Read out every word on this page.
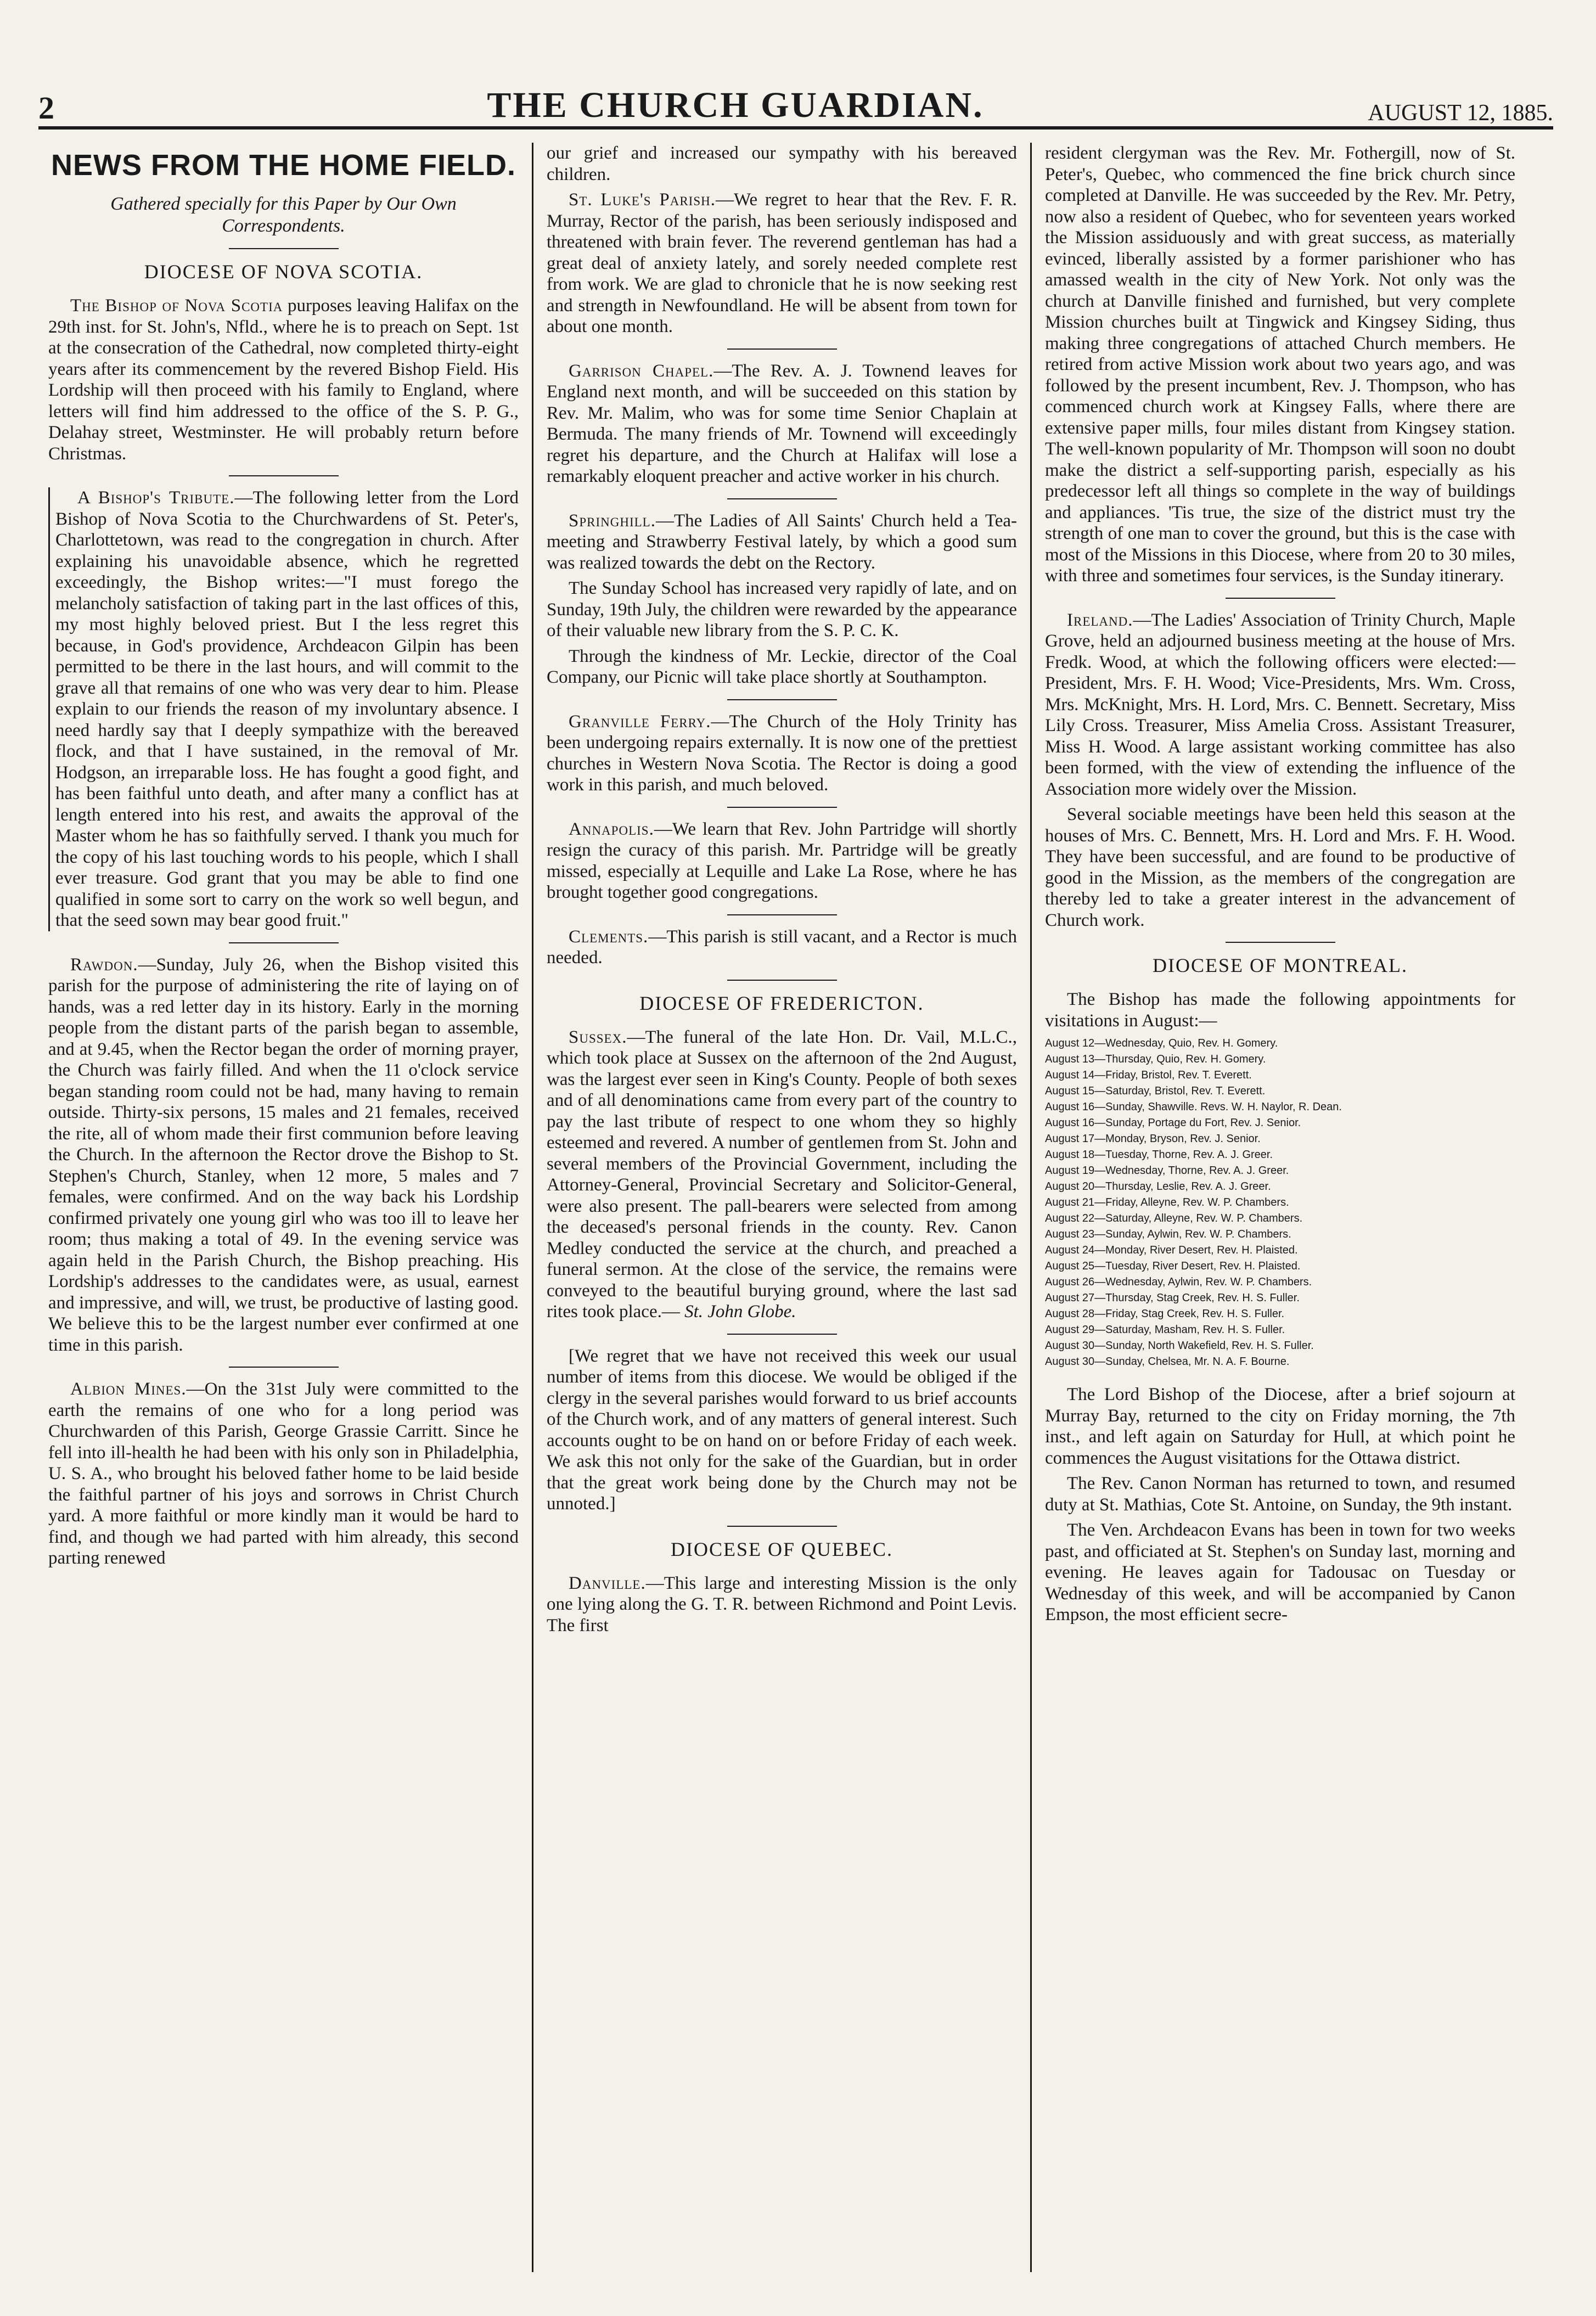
2	THE CHURCH GUARDIAN.	AUGUST 12, 1885.
NEWS FROM THE HOME FIELD.
Gathered specially for this Paper by Our Own Correspondents.
DIOCESE OF NOVA SCOTIA.

The Bishop of Nova Scotia purposes leaving Halifax on the 29th inst. for St. John's, Nfld., where he is to preach on Sept. 1st at the consecration of the Cathedral, now completed thirty-eight years after its commencement by the revered Bishop Field. His Lordship will then proceed with his family to England, where letters will find him addressed to the office of the S. P. G., Delahay street, Westminster. He will probably return before Christmas.

A Bishop's Tribute.—The following letter from the Lord Bishop of Nova Scotia to the Churchwardens of St. Peter's, Charlottetown, was read to the congregation in church. After explaining his unavoidable absence, which he regretted exceedingly, the Bishop writes:—"I must forego the melancholy satisfaction of taking part in the last offices of this, my most highly beloved priest. But I the less regret this because, in God's providence, Archdeacon Gilpin has been permitted to be there in the last hours, and will commit to the grave all that remains of one who was very dear to him. Please explain to our friends the reason of my involuntary absence. I need hardly say that I deeply sympathize with the bereaved flock, and that I have sustained, in the removal of Mr. Hodgson, an irreparable loss. He has fought a good fight, and has been faithful unto death, and after many a conflict has at length entered into his rest, and awaits the approval of the Master whom he has so faithfully served. I thank you much for the copy of his last touching words to his people, which I shall ever treasure. God grant that you may be able to find one qualified in some sort to carry on the work so well begun, and that the seed sown may bear good fruit."

Rawdon.—Sunday, July 26, when the Bishop visited this parish for the purpose of administering the rite of laying on of hands, was a red letter day in its history. Early in the morning people from the distant parts of the parish began to assemble, and at 9.45, when the Rector began the order of morning prayer, the Church was fairly filled. And when the 11 o'clock service began standing room could not be had, many having to remain outside. Thirty-six persons, 15 males and 21 females, received the rite, all of whom made their first communion before leaving the Church. In the afternoon the Rector drove the Bishop to St. Stephen's Church, Stanley, when 12 more, 5 males and 7 females, were confirmed. And on the way back his Lordship confirmed privately one young girl who was too ill to leave her room; thus making a total of 49. In the evening service was again held in the Parish Church, the Bishop preaching. His Lordship's addresses to the candidates were, as usual, earnest and impressive, and will, we trust, be productive of lasting good. We believe this to be the largest number ever confirmed at one time in this parish.

Albion Mines.—On the 31st July were committed to the earth the remains of one who for a long period was Churchwarden of this Parish, George Grassie Carritt. Since he fell into ill-health he had been with his only son in Philadelphia, U. S. A., who brought his beloved father home to be laid beside the faithful partner of his joys and sorrows in Christ Church yard. A more faithful or more kindly man it would be hard to find, and though we had parted with him already, this second parting renewed

our grief and increased our sympathy with his bereaved children.

St. Luke's Parish.—We regret to hear that the Rev. F. R. Murray, Rector of the parish, has been seriously indisposed and threatened with brain fever. The reverend gentleman has had a great deal of anxiety lately, and sorely needed complete rest from work. We are glad to chronicle that he is now seeking rest and strength in Newfoundland. He will be absent from town for about one month.

Garrison Chapel.—The Rev. A. J. Townend leaves for England next month, and will be succeeded on this station by Rev. Mr. Malim, who was for some time Senior Chaplain at Bermuda. The many friends of Mr. Townend will exceedingly regret his departure, and the Church at Halifax will lose a remarkably eloquent preacher and active worker in his church.

Springhill.—The Ladies of All Saints' Church held a Tea-meeting and Strawberry Festival lately, by which a good sum was realized towards the debt on the Rectory.

The Sunday School has increased very rapidly of late, and on Sunday, 19th July, the children were rewarded by the appearance of their valuable new library from the S. P. C. K.

Through the kindness of Mr. Leckie, director of the Coal Company, our Picnic will take place shortly at Southampton.

Granville Ferry.—The Church of the Holy Trinity has been undergoing repairs externally. It is now one of the prettiest churches in Western Nova Scotia. The Rector is doing a good work in this parish, and much beloved.

Annapolis.—We learn that Rev. John Partridge will shortly resign the curacy of this parish. Mr. Partridge will be greatly missed, especially at Lequille and Lake La Rose, where he has brought together good congregations.

Clements.—This parish is still vacant, and a Rector is much needed.

DIOCESE OF FREDERICTON.

Sussex.—The funeral of the late Hon. Dr. Vail, M.L.C., which took place at Sussex on the afternoon of the 2nd August, was the largest ever seen in King's County. People of both sexes and of all denominations came from every part of the country to pay the last tribute of respect to one whom they so highly esteemed and revered. A number of gentlemen from St. John and several members of the Provincial Government, including the Attorney-General, Provincial Secretary and Solicitor-General, were also present. The pall-bearers were selected from among the deceased's personal friends in the county. Rev. Canon Medley conducted the service at the church, and preached a funeral sermon. At the close of the service, the remains were conveyed to the beautiful burying ground, where the last sad rites took place.— St. John Globe.

[We regret that we have not received this week our usual number of items from this diocese. We would be obliged if the clergy in the several parishes would forward to us brief accounts of the Church work, and of any matters of general interest. Such accounts ought to be on hand on or before Friday of each week. We ask this not only for the sake of the Guardian, but in order that the great work being done by the Church may not be unnoted.]

DIOCESE OF QUEBEC.

Danville.—This large and interesting Mission is the only one lying along the G. T. R. between Richmond and Point Levis. The first

resident clergyman was the Rev. Mr. Fothergill, now of St. Peter's, Quebec, who commenced the fine brick church since completed at Danville. He was succeeded by the Rev. Mr. Petry, now also a resident of Quebec, who for seventeen years worked the Mission assiduously and with great success, as materially evinced, liberally assisted by a former parishioner who has amassed wealth in the city of New York. Not only was the church at Danville finished and furnished, but very complete Mission churches built at Tingwick and Kingsey Siding, thus making three congregations of attached Church members. He retired from active Mission work about two years ago, and was followed by the present incumbent, Rev. J. Thompson, who has commenced church work at Kingsey Falls, where there are extensive paper mills, four miles distant from Kingsey station. The well-known popularity of Mr. Thompson will soon no doubt make the district a self-supporting parish, especially as his predecessor left all things so complete in the way of buildings and appliances. 'Tis true, the size of the district must try the strength of one man to cover the ground, but this is the case with most of the Missions in this Diocese, where from 20 to 30 miles, with three and sometimes four services, is the Sunday itinerary.

Ireland.—The Ladies' Association of Trinity Church, Maple Grove, held an adjourned business meeting at the house of Mrs. Fredk. Wood, at which the following officers were elected:—President, Mrs. F. H. Wood; Vice-Presidents, Mrs. Wm. Cross, Mrs. McKnight, Mrs. H. Lord, Mrs. C. Bennett. Secretary, Miss Lily Cross. Treasurer, Miss Amelia Cross. Assistant Treasurer, Miss H. Wood. A large assistant working committee has also been formed, with the view of extending the influence of the Association more widely over the Mission.

Several sociable meetings have been held this season at the houses of Mrs. C. Bennett, Mrs. H. Lord and Mrs. F. H. Wood. They have been successful, and are found to be productive of good in the Mission, as the members of the congregation are thereby led to take a greater interest in the advancement of Church work.

DIOCESE OF MONTREAL.

The Bishop has made the following appointments for visitations in August:—

August 12—Wednesday, Quio, Rev. H. Gomery.
August 13—Thursday, Quio, Rev. H. Gomery.
August 14—Friday, Bristol, Rev. T. Everett.
August 15—Saturday, Bristol, Rev. T. Everett.
August 16—Sunday, Shawville. Revs. W. H. Naylor, R. Dean.
August 16—Sunday, Portage du Fort, Rev. J. Senior.
August 17—Monday, Bryson, Rev. J. Senior.
August 18—Tuesday, Thorne, Rev. A. J. Greer.
August 19—Wednesday, Thorne, Rev. A. J. Greer.
August 20—Thursday, Leslie, Rev. A. J. Greer.
August 21—Friday, Alleyne, Rev. W. P. Chambers.
August 22—Saturday, Alleyne, Rev. W. P. Chambers.
August 23—Sunday, Aylwin, Rev. W. P. Chambers.
August 24—Monday, River Desert, Rev. H. Plaisted.
August 25—Tuesday, River Desert, Rev. H. Plaisted.
August 26—Wednesday, Aylwin, Rev. W. P. Chambers.
August 27—Thursday, Stag Creek, Rev. H. S. Fuller.
August 28—Friday, Stag Creek, Rev. H. S. Fuller.
August 29—Saturday, Masham, Rev. H. S. Fuller.
August 30—Sunday, North Wakefield, Rev. H. S. Fuller.
August 30—Sunday, Chelsea, Mr. N. A. F. Bourne.

The Lord Bishop of the Diocese, after a brief sojourn at Murray Bay, returned to the city on Friday morning, the 7th inst., and left again on Saturday for Hull, at which point he commences the August visitations for the Ottawa district.

The Rev. Canon Norman has returned to town, and resumed duty at St. Mathias, Cote St. Antoine, on Sunday, the 9th instant.

The Ven. Archdeacon Evans has been in town for two weeks past, and officiated at St. Stephen's on Sunday last, morning and evening. He leaves again for Tadousac on Tuesday or Wednesday of this week, and will be accompanied by Canon Empson, the most efficient secre-
